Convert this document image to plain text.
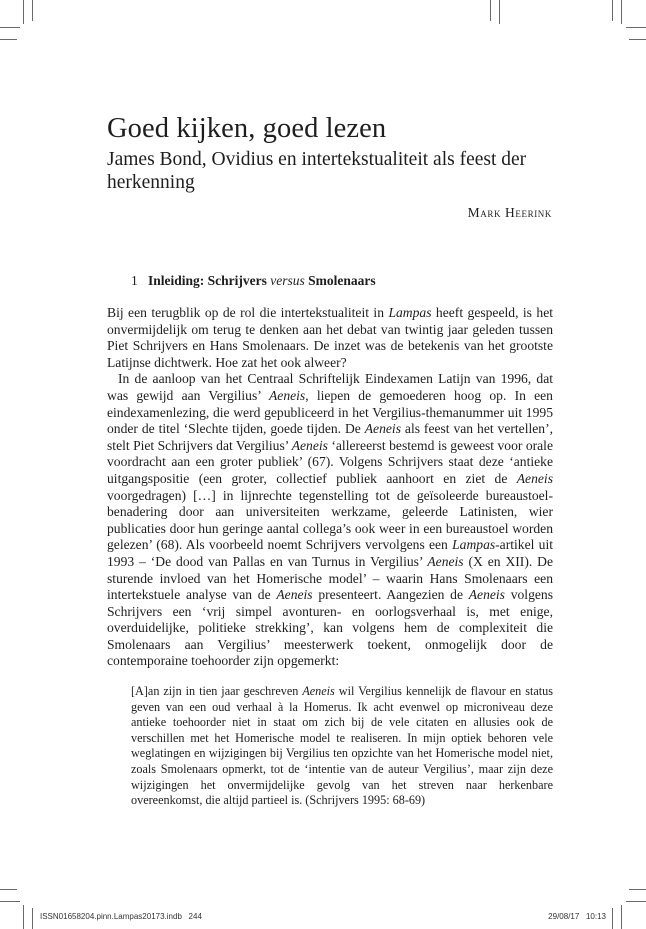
Goed kijken, goed lezen
James Bond, Ovidius en intertekstualiteit als feest der herkenning
Mark Heerink
1 Inleiding: Schrijvers versus Smolenaars

Bij een terugblik op de rol die intertekstualiteit in Lampas heeft gespeeld, is het onvermijdelijk om terug te denken aan het debat van twintig jaar geleden tussen Piet Schrijvers en Hans Smolenaars. De inzet was de betekenis van het grootste Latijnse dichtwerk. Hoe zat het ook alweer?

In de aanloop van het Centraal Schriftelijk Eindexamen Latijn van 1996, dat was gewijd aan Vergilius’ Aeneis, liepen de gemoederen hoog op. In een eindexamenlezing, die werd gepubliceerd in het Vergilius-themanummer uit 1995 onder de titel ‘Slechte tijden, goede tijden. De Aeneis als feest van het vertellen’, stelt Piet Schrijvers dat Vergilius’ Aeneis ‘allereerst bestemd is geweest voor orale voordracht aan een groter publiek’ (67). Volgens Schrijvers staat deze ‘antieke uitgangspositie (een groter, collectief publiek aanhoort en ziet de Aeneis voorgedragen) […] in lijnrechte tegenstelling tot de geïsoleerde bureaustoel-benadering door aan universiteiten werkzame, geleerde Latinisten, wier publicaties door hun geringe aantal collega’s ook weer in een bureaustoel worden gelezen’ (68). Als voorbeeld noemt Schrijvers vervolgens een Lampas-artikel uit 1993 – ‘De dood van Pallas en van Turnus in Vergilius’ Aeneis (X en XII). De sturende invloed van het Homerische model’ – waarin Hans Smolenaars een intertekstuele analyse van de Aeneis presenteert. Aangezien de Aeneis volgens Schrijvers een ‘vrij simpel avonturen- en oorlogsverhaal is, met enige, overduidelijke, politieke strekking’, kan volgens hem de complexiteit die Smolenaars aan Vergilius’ meesterwerk toekent, onmogelijk door de contemporaine toehoorder zijn opgemerkt:

[A]an zijn in tien jaar geschreven Aeneis wil Vergilius kennelijk de flavour en status geven van een oud verhaal à la Homerus. Ik acht evenwel op microniveau deze antieke toehoorder niet in staat om zich bij de vele citaten en allusies ook de verschillen met het Homerische model te realiseren. In mijn optiek behoren vele weglatingen en wijzigingen bij Vergilius ten opzichte van het Homerische model niet, zoals Smolenaars opmerkt, tot de ‘intentie van de auteur Vergilius’, maar zijn deze wijzigingen het onvermijdelijke gevolg van het streven naar herkenbare overeenkomst, die altijd partieel is. (Schrijvers 1995: 68-69)

ISSN01658204.pinn.Lampas20173.indb   244	29/08/17   10:13
